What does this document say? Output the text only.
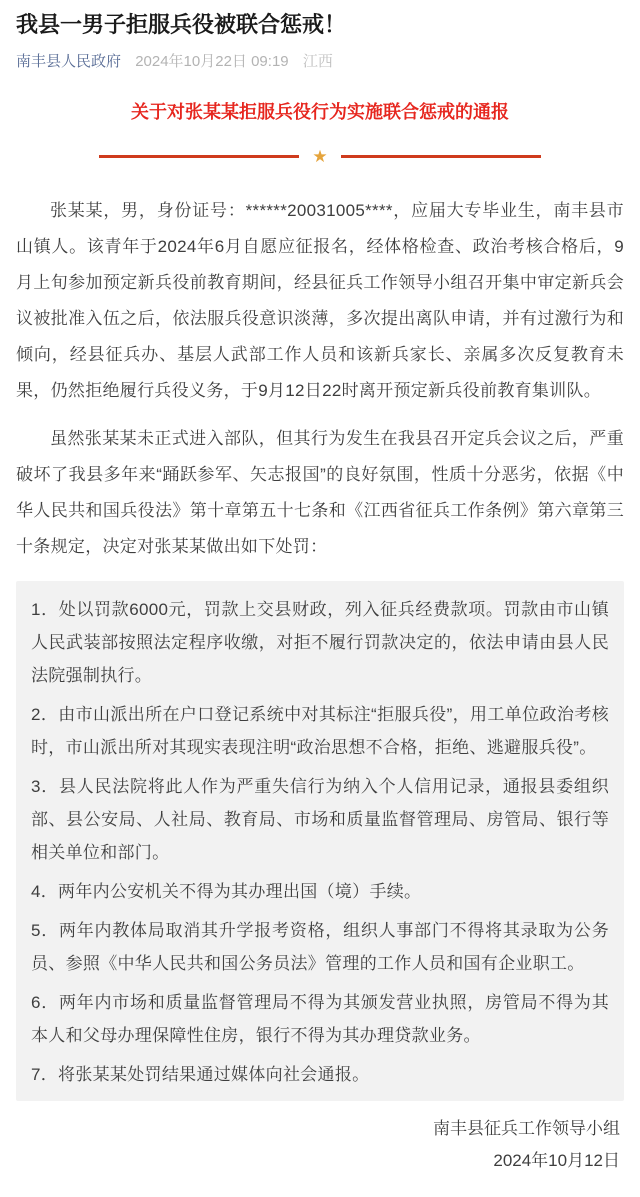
我县一男子拒服兵役被联合惩戒！
南丰县人民政府 2024年10月22日 09:19 江西
关于对张某某拒服兵役行为实施联合惩戒的通报
★

张某某，男，身份证号：******20031005****，应届大专毕业生，南丰县市山镇人。该青年于2024年6月自愿应征报名，经体格检查、政治考核合格后，9月上旬参加预定新兵役前教育期间，经县征兵工作领导小组召开集中审定新兵会议被批准入伍之后，依法服兵役意识淡薄，多次提出离队申请，并有过激行为和倾向，经县征兵办、基层人武部工作人员和该新兵家长、亲属多次反复教育未果，仍然拒绝履行兵役义务，于9月12日22时离开预定新兵役前教育集训队。

虽然张某某未正式进入部队，但其行为发生在我县召开定兵会议之后，严重破坏了我县多年来“踊跃参军、矢志报国”的良好氛围，性质十分恶劣，依据《中华人民共和国兵役法》第十章第五十七条和《江西省征兵工作条例》第六章第三十条规定，决定对张某某做出如下处罚：

1．处以罚款6000元，罚款上交县财政，列入征兵经费款项。罚款由市山镇人民武装部按照法定程序收缴，对拒不履行罚款决定的，依法申请由县人民法院强制执行。

2．由市山派出所在户口登记系统中对其标注“拒服兵役”，用工单位政治考核时，市山派出所对其现实表现注明“政治思想不合格，拒绝、逃避服兵役”。

3．县人民法院将此人作为严重失信行为纳入个人信用记录，通报县委组织部、县公安局、人社局、教育局、市场和质量监督管理局、房管局、银行等相关单位和部门。

4．两年内公安机关不得为其办理出国（境）手续。

5．两年内教体局取消其升学报考资格，组织人事部门不得将其录取为公务员、参照《中华人民共和国公务员法》管理的工作人员和国有企业职工。

6．两年内市场和质量监督管理局不得为其颁发营业执照，房管局不得为其本人和父母办理保障性住房，银行不得为其办理贷款业务。

7．将张某某处罚结果通过媒体向社会通报。

南丰县征兵工作领导小组

2024年10月12日
